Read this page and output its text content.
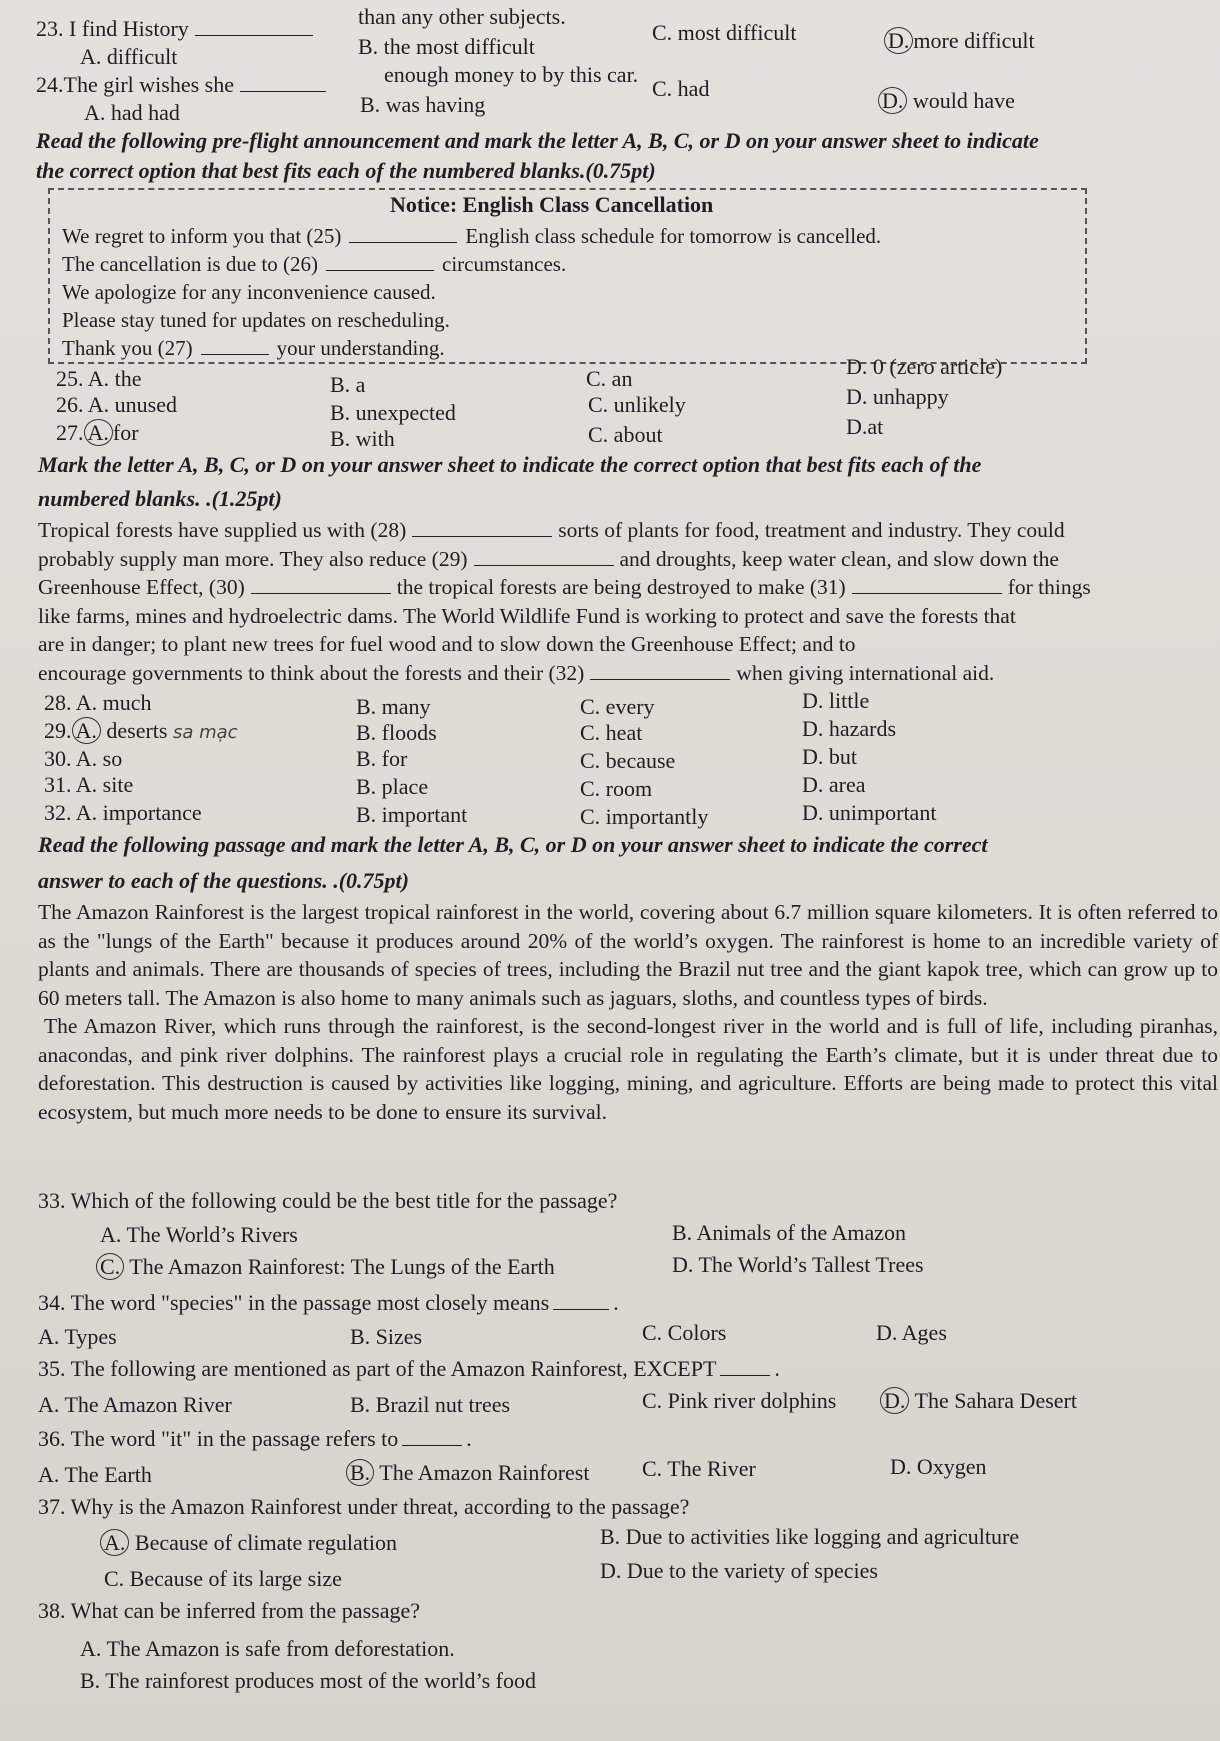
23. I find History	than any other subjects.
A. difficult	B. the most difficult
C. most difficult	D. more difficult
24.The girl wishes she	enough money to by this car.
A. had had	B. was having
C. had	D. would have
Read the following pre-flight announcement and mark the letter A, B, C, or D on your answer sheet to indicate
the correct option that best fits each of the numbered blanks.(0.75pt)
Notice: English Class Cancellation
We regret to inform you that (25)	English class schedule for tomorrow is cancelled.
The cancellation is due to (26)	circumstances.
We apologize for any inconvenience caused.
Please stay tuned for updates on rescheduling.
Thank you (27)	your understanding.
25. A. the	B. a	C. an	D. 0 (zero article)
26. A. unused	B. unexpected	C. unlikely	D. unhappy
27. A. for	B. with	C. about	D.at
Mark the letter A, B, C, or D on your answer sheet to indicate the correct option that best fits each of the
numbered blanks. .(1.25pt)

Tropical forests have supplied us with (28)	sorts of plants for food, treatment and industry. They could

probably supply man more. They also reduce (29)	and droughts, keep water clean, and slow down the

Greenhouse Effect, (30)	the tropical forests are being destroyed to make (31)	for things

like farms, mines and hydroelectric dams. The World Wildlife Fund is working to protect and save the forests that

are in danger; to plant new trees for fuel wood and to slow down the Greenhouse Effect; and to

encourage governments to think about the forests and their (32)	when giving international aid.

28. A. much	B. many	C. every	D. little
29. A. deserts sa mạc	B. floods	C. heat	D. hazards
30. A. so	B. for	C. because	D. but
31. A. site	B. place	C. room	D. area
32. A. importance	B. important	C. importantly	D. unimportant
Read the following passage and mark the letter A, B, C, or D on your answer sheet to indicate the correct
answer to each of the questions. .(0.75pt)

The Amazon Rainforest is the largest tropical rainforest in the world, covering about 6.7 million square kilometers. It is often referred to as the "lungs of the Earth" because it produces around 20% of the world’s oxygen. The rainforest is home to an incredible variety of plants and animals. There are thousands of species of trees, including the Brazil nut tree and the giant kapok tree, which can grow up to 60 meters tall. The Amazon is also home to many animals such as jaguars, sloths, and countless types of birds.

The Amazon River, which runs through the rainforest, is the second-longest river in the world and is full of life, including piranhas, anacondas, and pink river dolphins. The rainforest plays a crucial role in regulating the Earth’s climate, but it is under threat due to deforestation. This destruction is caused by activities like logging, mining, and agriculture. Efforts are being made to protect this vital ecosystem, but much more needs to be done to ensure its survival.

33. Which of the following could be the best title for the passage?
A. The World’s Rivers	B. Animals of the Amazon
C. The Amazon Rainforest: The Lungs of the Earth	D. The World’s Tallest Trees
34. The word "species" in the passage most closely means	.
A. Types	B. Sizes	C. Colors	D. Ages
35. The following are mentioned as part of the Amazon Rainforest, EXCEPT	.
A. The Amazon River	B. Brazil nut trees	C. Pink river dolphins D. The Sahara Desert
36. The word "it" in the passage refers to	.
A. The Earth	B. The Amazon Rainforest C. The River	D. Oxygen
37. Why is the Amazon Rainforest under threat, according to the passage?
A. Because of climate regulation	B. Due to activities like logging and agriculture
C. Because of its large size	D. Due to the variety of species
38. What can be inferred from the passage?
A. The Amazon is safe from deforestation.
B. The rainforest produces most of the world’s food
